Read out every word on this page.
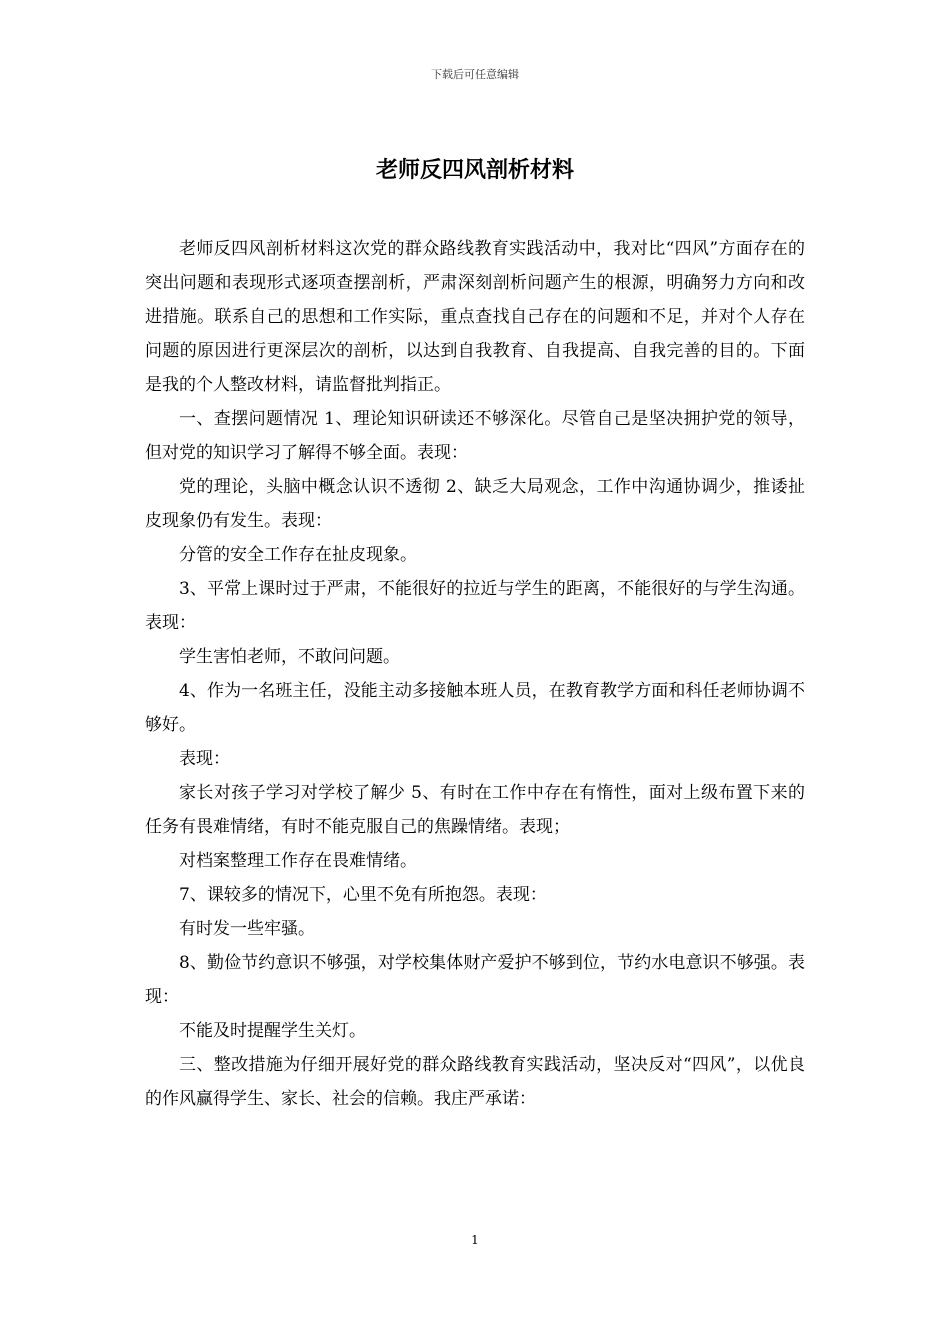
下载后可任意编辑
老师反四风剖析材料

老师反四风剖析材料这次党的群众路线教育实践活动中，我对比“四风”方面存在的突出问题和表现形式逐项查摆剖析，严肃深刻剖析问题产生的根源，明确努力方向和改进措施。联系自己的思想和工作实际，重点查找自己存在的问题和不足，并对个人存在问题的原因进行更深层次的剖析，以达到自我教育、自我提高、自我完善的目的。下面是我的个人整改材料，请监督批判指正。

一、查摆问题情况 1、理论知识研读还不够深化。尽管自己是坚决拥护党的领导，但对党的知识学习了解得不够全面。表现：

党的理论，头脑中概念认识不透彻 2、缺乏大局观念，工作中沟通协调少，推诿扯皮现象仍有发生。表现：

分管的安全工作存在扯皮现象。

3、平常上课时过于严肃，不能很好的拉近与学生的距离，不能很好的与学生沟通。表现：

学生害怕老师，不敢问问题。

4、作为一名班主任，没能主动多接触本班人员，在教育教学方面和科任老师协调不够好。

表现：

家长对孩子学习对学校了解少 5、有时在工作中存在有惰性，面对上级布置下来的任务有畏难情绪，有时不能克服自己的焦躁情绪。表现；

对档案整理工作存在畏难情绪。

7、课较多的情况下，心里不免有所抱怨。表现：

有时发一些牢骚。

8、勤俭节约意识不够强，对学校集体财产爱护不够到位，节约水电意识不够强。表现：

不能及时提醒学生关灯。

三、整改措施为仔细开展好党的群众路线教育实践活动，坚决反对“四风”，以优良的作风赢得学生、家长、社会的信赖。我庄严承诺：

1
